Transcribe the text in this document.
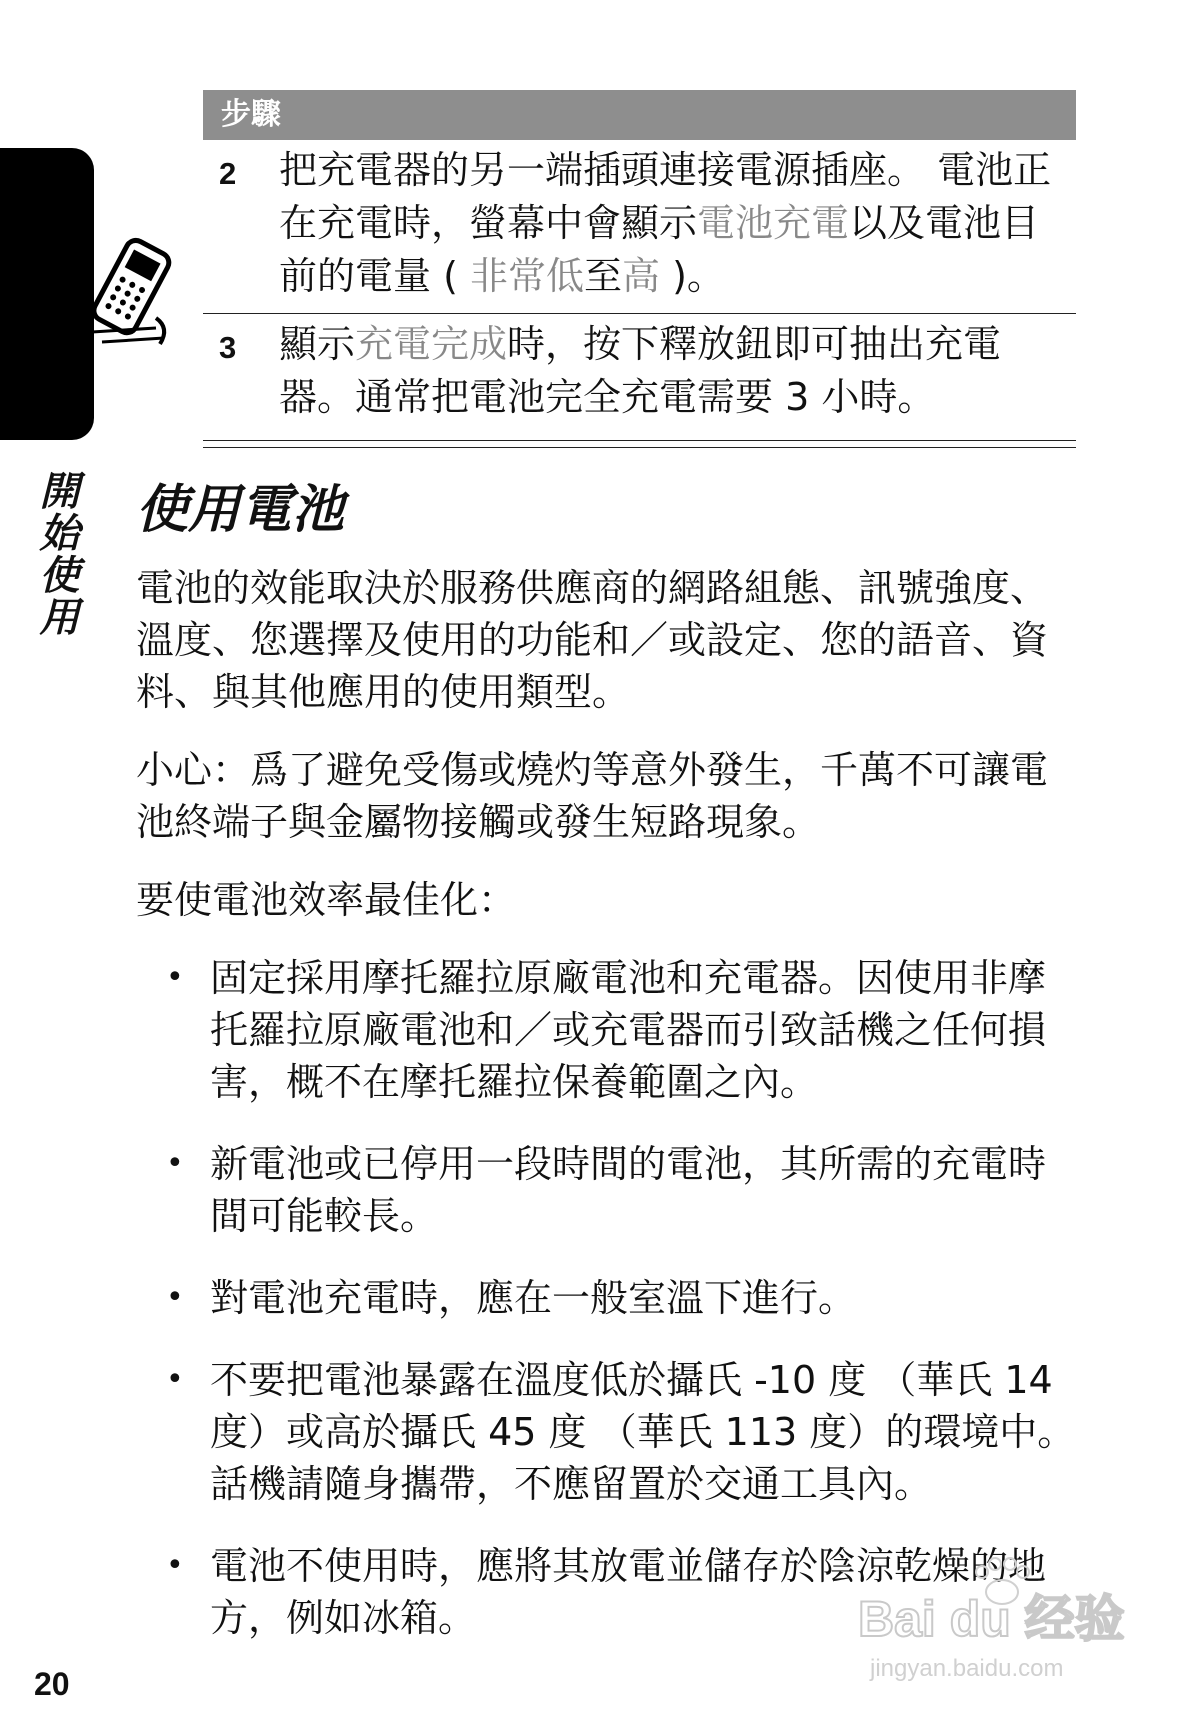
開始使用
步驟
2 把充電器的另一端插頭連接電源插座。 電池正在充電時，螢幕中會顯示電池充電以及電池目前的電量 ( 非常低至高 )。
3 顯示充電完成時，按下釋放鈕即可抽出充電器。通常把電池完全充電需要 3 小時。
使用電池

電池的效能取決於服務供應商的網路組態、訊號強度、溫度、您選擇及使用的功能和／或設定、您的語音、資料、與其他應用的使用類型。

小心：爲了避免受傷或燒灼等意外發生，千萬不可讓電池終端子與金屬物接觸或發生短路現象。

要使電池效率最佳化：

• 固定採用摩托羅拉原廠電池和充電器。因使用非摩托羅拉原廠電池和／或充電器而引致話機之任何損害，概不在摩托羅拉保養範圍之內。
• 新電池或已停用一段時間的電池，其所需的充電時間可能較長。
• 對電池充電時，應在一般室溫下進行。
• 不要把電池暴露在溫度低於攝氏 -10 度 （華氏 14 度）或高於攝氏 45 度 （華氏 113 度）的環境中。話機請隨身攜帶，不應留置於交通工具內。
• 電池不使用時，應將其放電並儲存於陰涼乾燥的地方，例如冰箱。
20
Bai du 经验
jingyan.baidu.com
